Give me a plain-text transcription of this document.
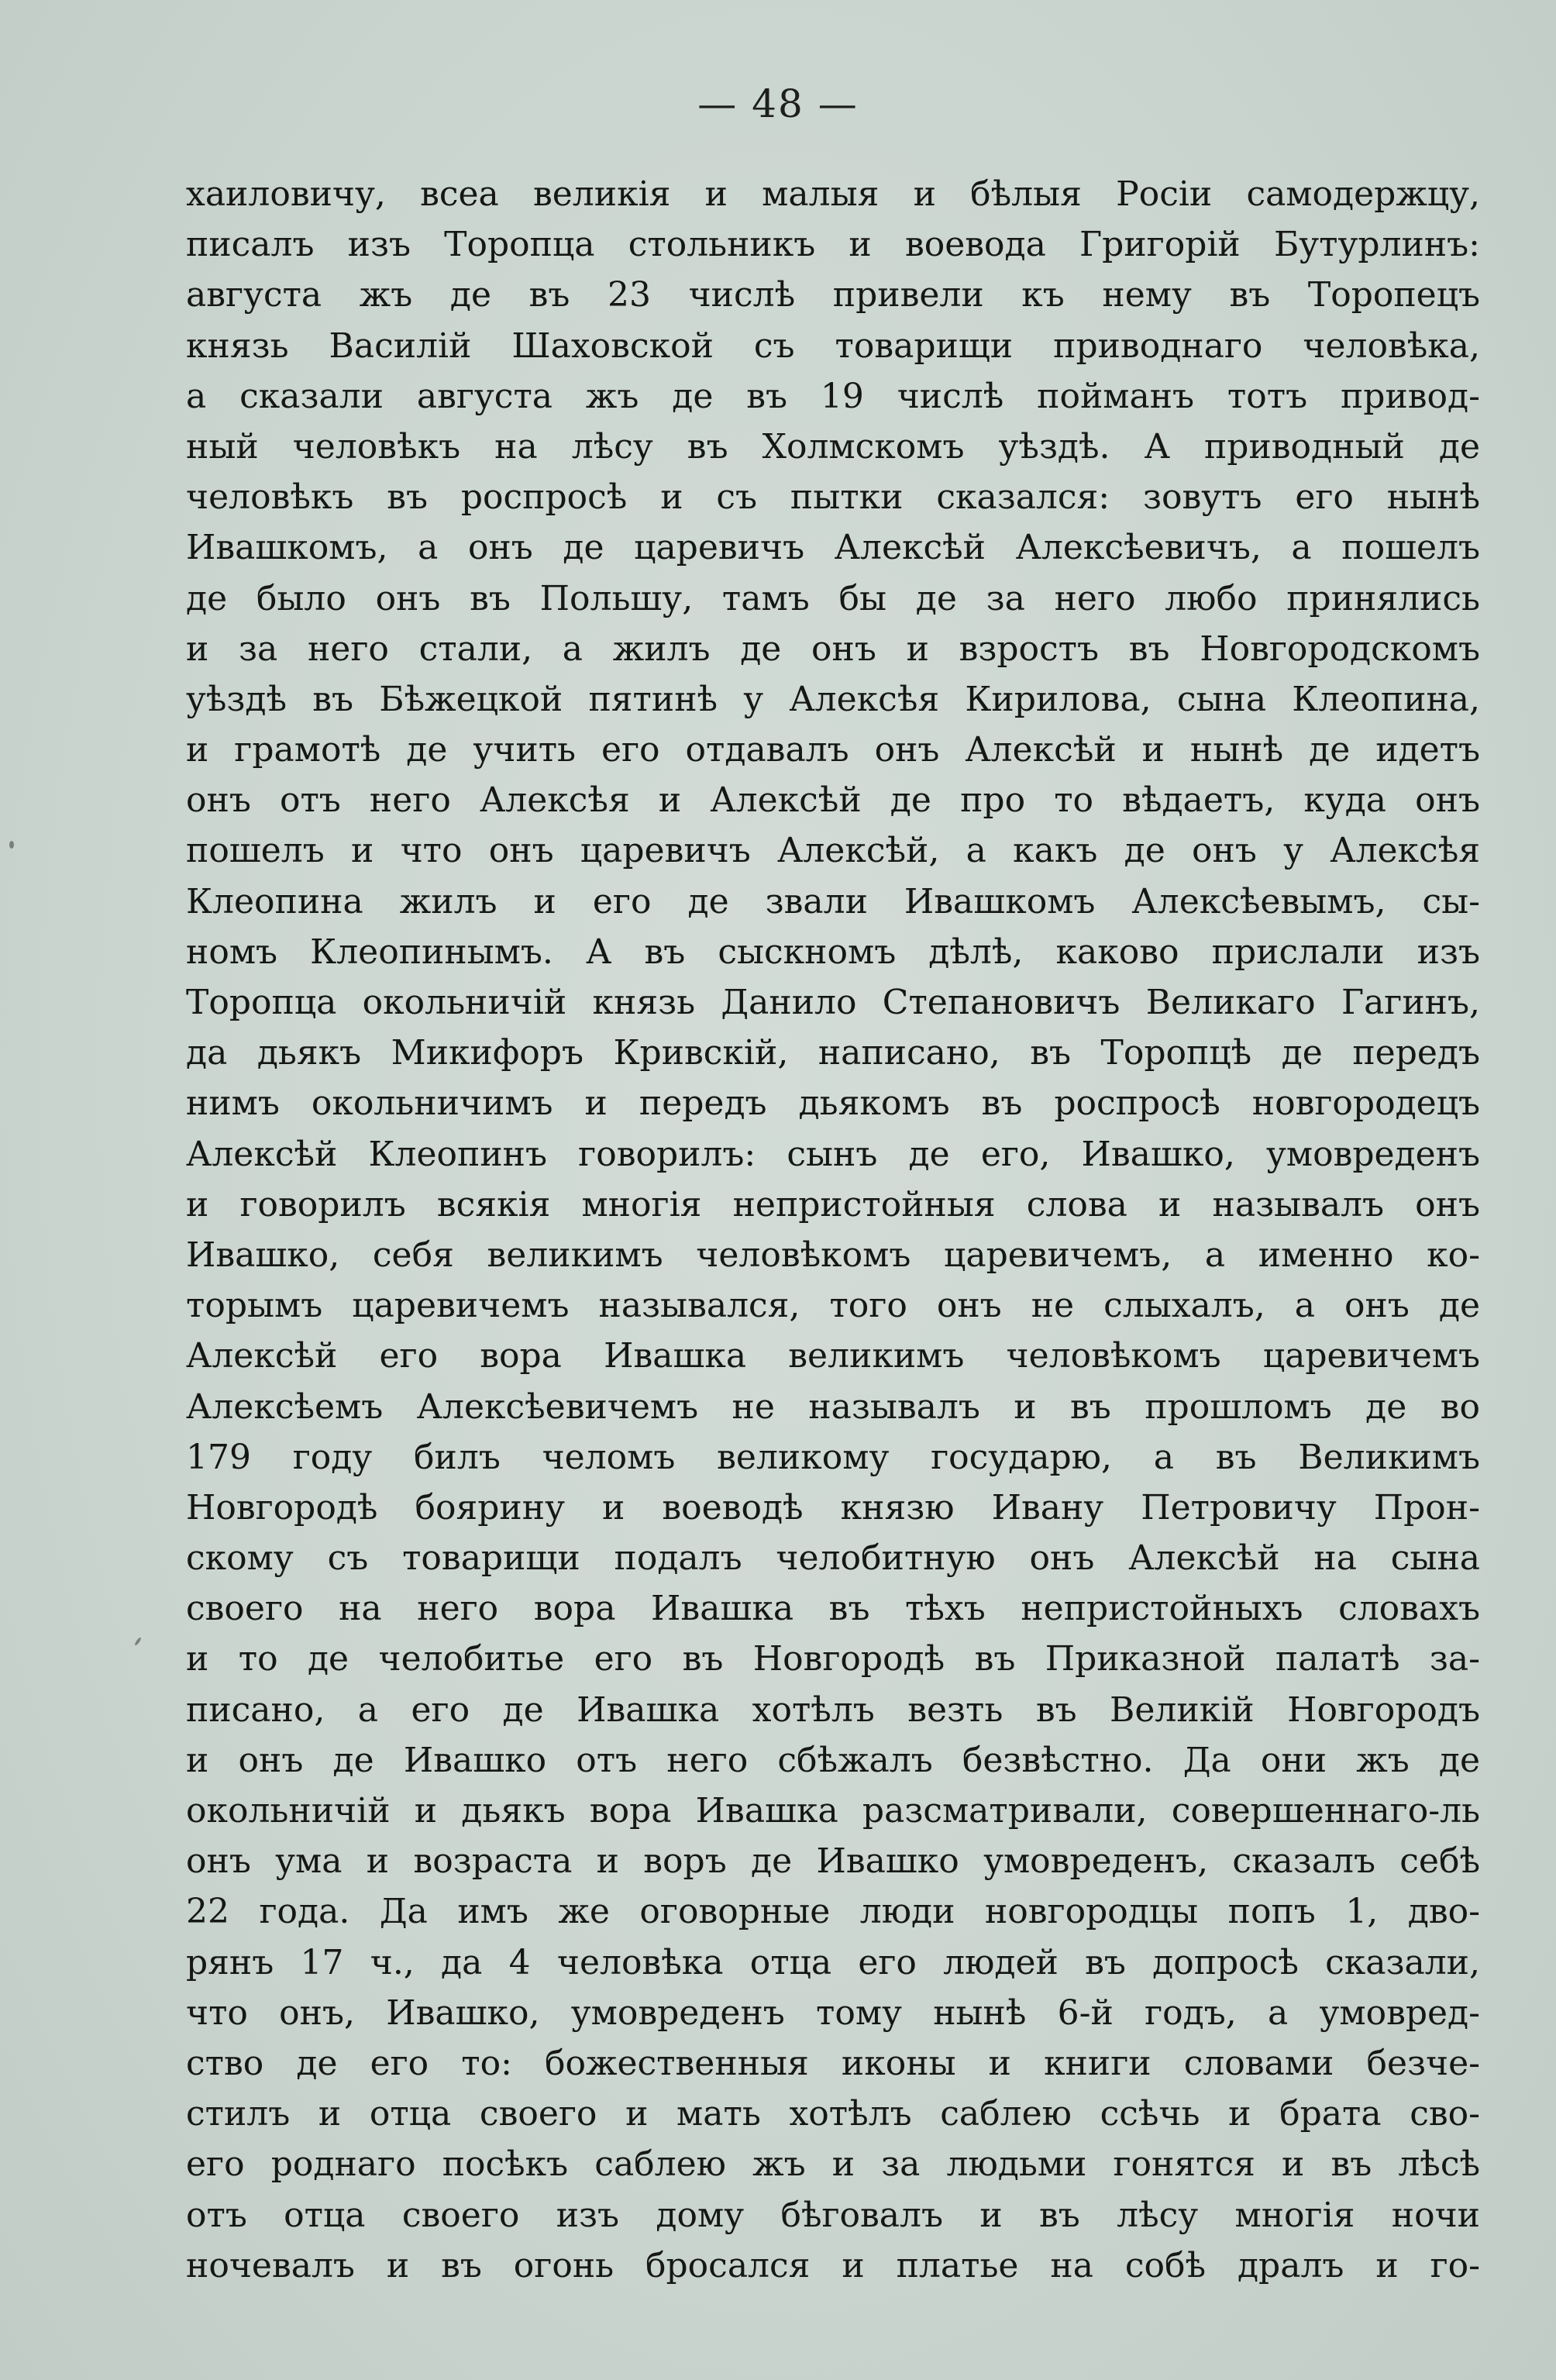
— 48 —
хаиловичу, всеа великія и малыя и бѣлыя Росіи самодержцу,
писалъ изъ Торопца стольникъ и воевода Григорій Бутурлинъ:
августа жъ де въ 23 числѣ привели къ нему въ Торопецъ
князь Василій Шаховской съ товарищи приводнаго человѣка,
а сказали августа жъ де въ 19 числѣ пойманъ тотъ привод-
ный человѣкъ на лѣсу въ Холмскомъ уѣздѣ. А приводный де
человѣкъ въ роспросѣ и съ пытки сказался: зовутъ его нынѣ
Ивашкомъ, а онъ де царевичъ Алексѣй Алексѣевичъ, а пошелъ
де было онъ въ Польшу, тамъ бы де за него любо принялись
и за него стали, а жилъ де онъ и взростъ въ Новгородскомъ
уѣздѣ въ Бѣжецкой пятинѣ у Алексѣя Кирилова, сына Клеопина,
и грамотѣ де учить его отдавалъ онъ Алексѣй и нынѣ де идетъ
онъ отъ него Алексѣя и Алексѣй де про то вѣдаетъ, куда онъ
пошелъ и что онъ царевичъ Алексѣй, а какъ де онъ у Алексѣя
Клеопина жилъ и его де звали Ивашкомъ Алексѣевымъ, сы-
номъ Клеопинымъ. А въ сыскномъ дѣлѣ, каково прислали изъ
Торопца окольничій князь Данило Степановичъ Великаго Гагинъ,
да дьякъ Микифоръ Кривскій, написано, въ Торопцѣ де передъ
нимъ окольничимъ и передъ дьякомъ въ роспросѣ новгородецъ
Алексѣй Клеопинъ говорилъ: сынъ де его, Ивашко, умовреденъ
и говорилъ всякія многія непристойныя слова и называлъ онъ
Ивашко, себя великимъ человѣкомъ царевичемъ, а именно ко-
торымъ царевичемъ назывался, того онъ не слыхалъ, а онъ де
Алексѣй его вора Ивашка великимъ человѣкомъ царевичемъ
Алексѣемъ Алексѣевичемъ не называлъ и въ прошломъ де во
179 году билъ челомъ великому государю, а въ Великимъ
Новгородѣ боярину и воеводѣ князю Ивану Петровичу Прон-
скому съ товарищи подалъ челобитную онъ Алексѣй на сына
своего на него вора Ивашка въ тѣхъ непристойныхъ словахъ
и то де челобитье его въ Новгородѣ въ Приказной палатѣ за-
писано, а его де Ивашка хотѣлъ везть въ Великій Новгородъ
и онъ де Ивашко отъ него сбѣжалъ безвѣстно. Да они жъ де
окольничій и дьякъ вора Ивашка разсматривали, совершеннаго-ль
онъ ума и возраста и воръ де Ивашко умовреденъ, сказалъ себѣ
22 года. Да имъ же оговорные люди новгородцы попъ 1, дво-
рянъ 17 ч., да 4 человѣка отца его людей въ допросѣ сказали,
что онъ, Ивашко, умовреденъ тому нынѣ 6-й годъ, а умовред-
ство де его то: божественныя иконы и книги словами безче-
стилъ и отца своего и мать хотѣлъ саблею ссѣчь и брата сво-
его роднаго посѣкъ саблею жъ и за людьми гонятся и въ лѣсѣ
отъ отца своего изъ дому бѣговалъ и въ лѣсу многія ночи
ночевалъ и въ огонь бросался и платье на собѣ дралъ и го-
